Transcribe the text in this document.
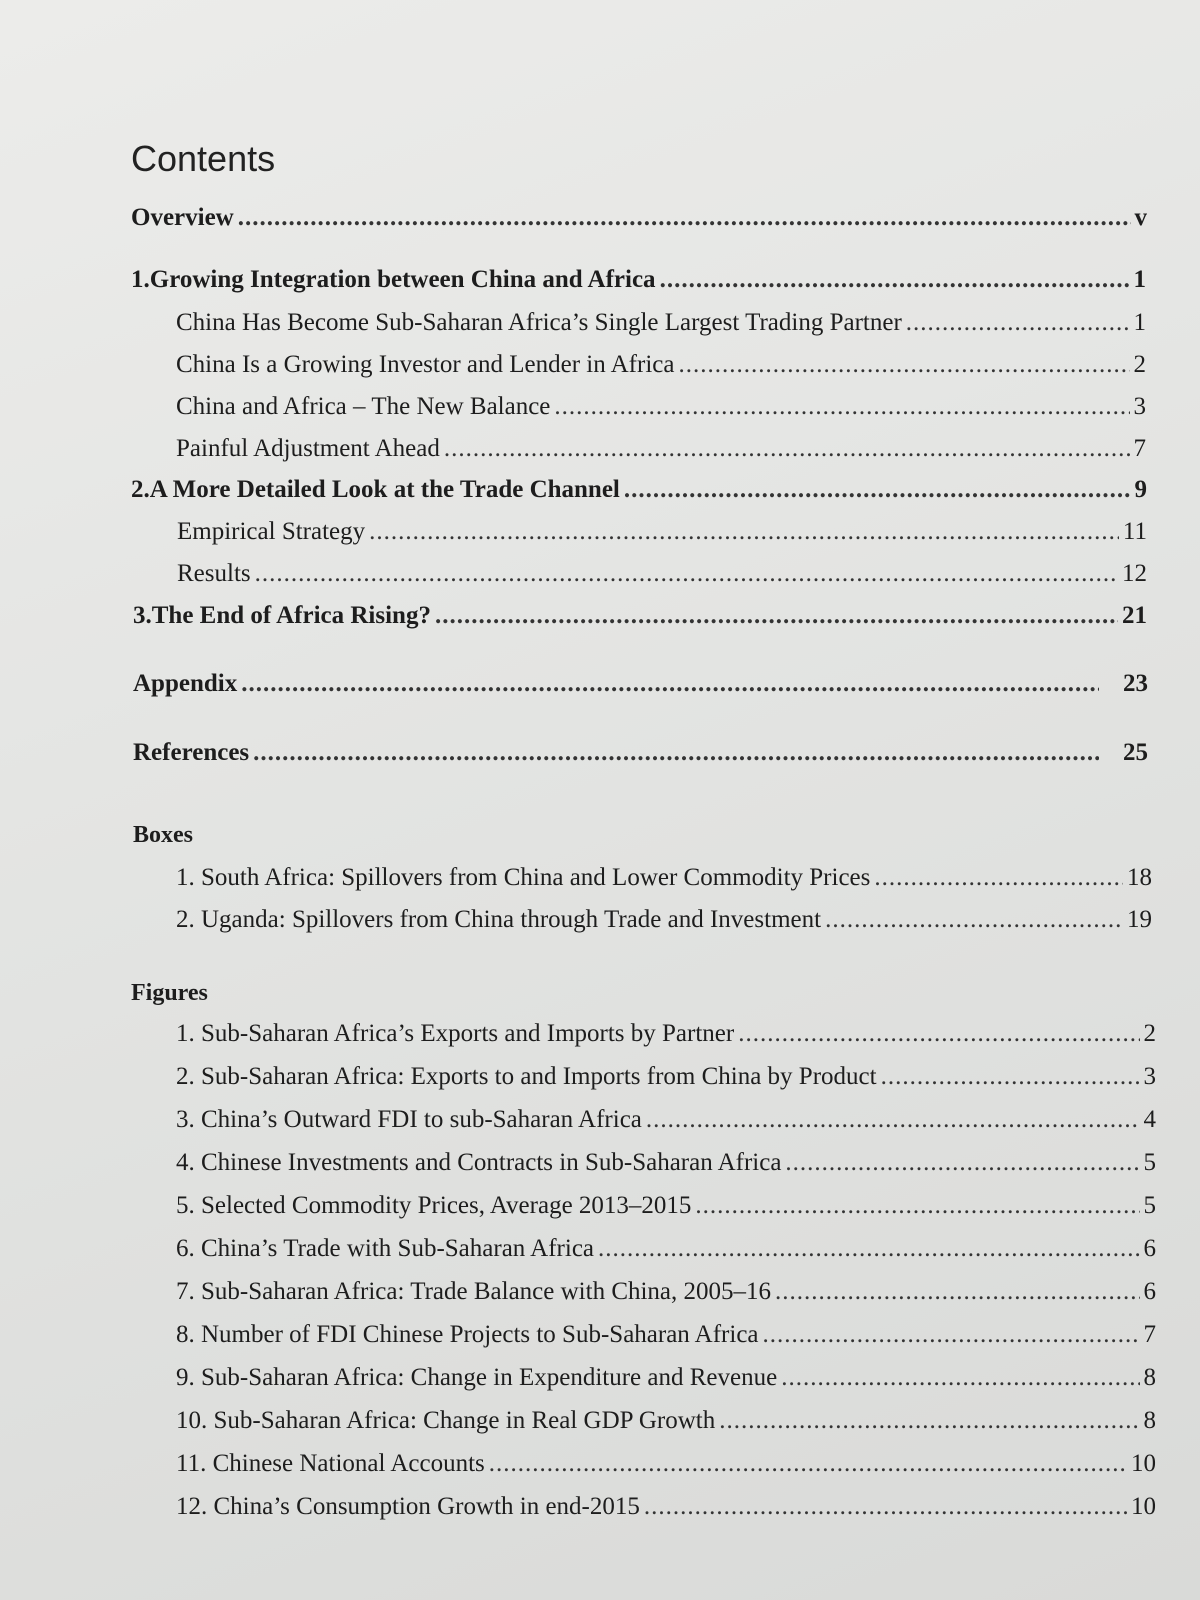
Contents
Overview .....	v
1. Growing Integration between China and Africa .....	1
China Has Become Sub-Saharan Africa’s Single Largest Trading Partner .....	1
China Is a Growing Investor and Lender in Africa .....	2
China and Africa – The New Balance .....	3
Painful Adjustment Ahead .....	7
2. A More Detailed Look at the Trade Channel .....	9
Empirical Strategy .....	11
Results .....	12
3. The End of Africa Rising? .....	21
Appendix .....	23
References .....	25
Boxes
1. South Africa: Spillovers from China and Lower Commodity Prices .....	18
2. Uganda: Spillovers from China through Trade and Investment .....	19
Figures
1. Sub-Saharan Africa’s Exports and Imports by Partner .....	2
2. Sub-Saharan Africa: Exports to and Imports from China by Product .....	3
3. China’s Outward FDI to sub-Saharan Africa .....	4
4. Chinese Investments and Contracts in Sub-Saharan Africa .....	5
5. Selected Commodity Prices, Average 2013–2015 .....	5
6. China’s Trade with Sub-Saharan Africa .....	6
7. Sub-Saharan Africa: Trade Balance with China, 2005–16 .....	6
8. Number of FDI Chinese Projects to Sub-Saharan Africa .....	7
9. Sub-Saharan Africa: Change in Expenditure and Revenue .....	8
10. Sub-Saharan Africa: Change in Real GDP Growth .....	8
11. Chinese National Accounts .....	10
12. China’s Consumption Growth in end-2015 .....	10
